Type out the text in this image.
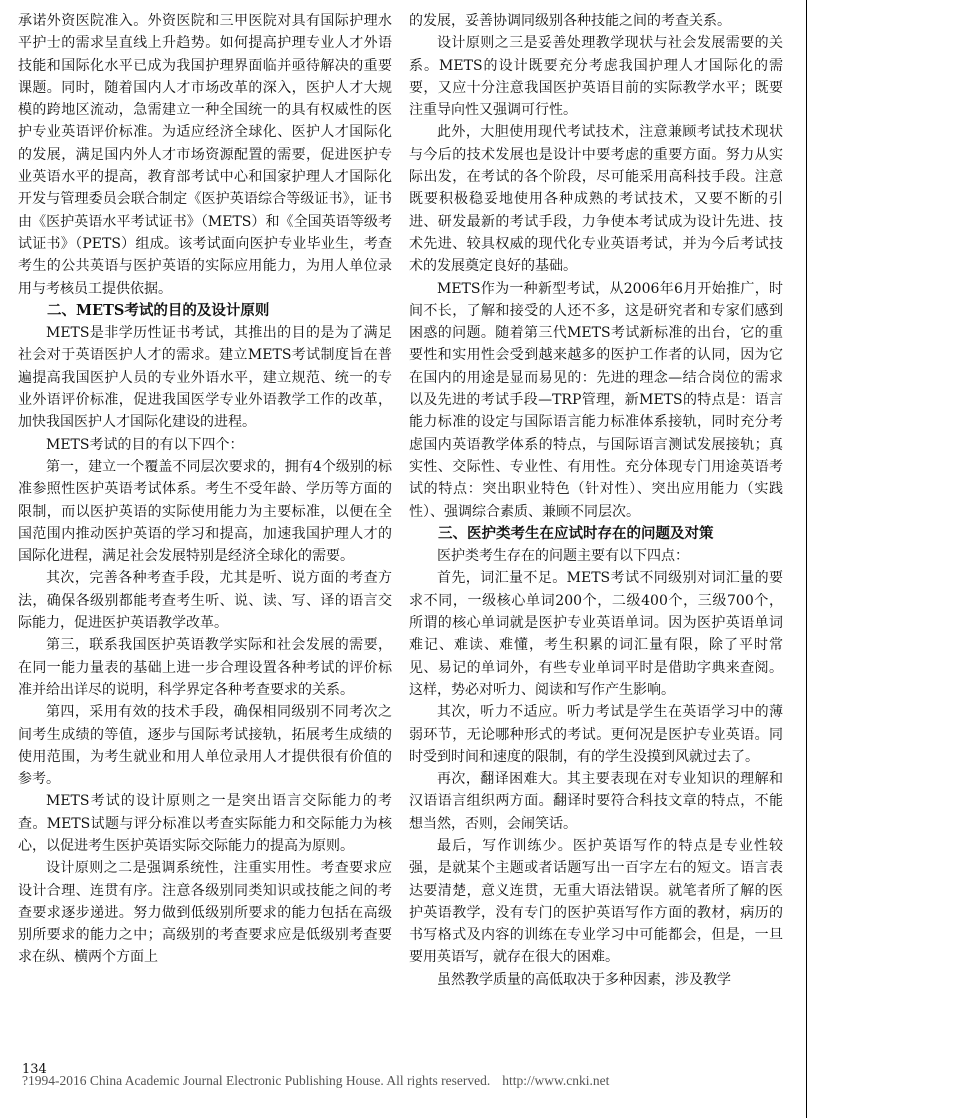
承诺外资医院准入。外资医院和三甲医院对具有国际护理水平护士的需求呈直线上升趋势。如何提高护理专业人才外语技能和国际化水平已成为我国护理界面临并亟待解决的重要课题。同时，随着国内人才市场改革的深入，医护人才大规模的跨地区流动，急需建立一种全国统一的具有权威性的医护专业英语评价标准。为适应经济全球化、医护人才国际化的发展，满足国内外人才市场资源配置的需要，促进医护专业英语水平的提高，教育部考试中心和国家护理人才国际化开发与管理委员会联合制定《医护英语综合等级证书》，证书由《医护英语水平考试证书》（METS）和《全国英语等级考试证书》（PETS）组成。该考试面向医护专业毕业生，考查考生的公共英语与医护英语的实际应用能力，为用人单位录用与考核员工提供依据。

二、METS考试的目的及设计原则

METS是非学历性证书考试，其推出的目的是为了满足社会对于英语医护人才的需求。建立METS考试制度旨在普遍提高我国医护人员的专业外语水平，建立规范、统一的专业外语评价标准，促进我国医学专业外语教学工作的改革，加快我国医护人才国际化建设的进程。

METS考试的目的有以下四个：

第一，建立一个覆盖不同层次要求的，拥有4个级别的标准参照性医护英语考试体系。考生不受年龄、学历等方面的限制，而以医护英语的实际使用能力为主要标准，以便在全国范围内推动医护英语的学习和提高，加速我国护理人才的国际化进程，满足社会发展特别是经济全球化的需要。

其次，完善各种考查手段，尤其是听、说方面的考查方法，确保各级别都能考查考生听、说、读、写、译的语言交际能力，促进医护英语教学改革。

第三，联系我国医护英语教学实际和社会发展的需要，在同一能力量表的基础上进一步合理设置各种考试的评价标准并给出详尽的说明，科学界定各种考查要求的关系。

第四，采用有效的技术手段，确保相同级别不同考次之间考生成绩的等值，逐步与国际考试接轨，拓展考生成绩的使用范围，为考生就业和用人单位录用人才提供很有价值的参考。

METS考试的设计原则之一是突出语言交际能力的考查。METS试题与评分标准以考查实际能力和交际能力为核心，以促进考生医护英语实际交际能力的提高为原则。

设计原则之二是强调系统性，注重实用性。考查要求应设计合理、连贯有序。注意各级别同类知识或技能之间的考查要求逐步递进。努力做到低级别所要求的能力包括在高级别所要求的能力之中；高级别的考查要求应是低级别考查要求在纵、横两个方面上

的发展，妥善协调同级别各种技能之间的考查关系。

设计原则之三是妥善处理教学现状与社会发展需要的关系。METS的设计既要充分考虑我国护理人才国际化的需要，又应十分注意我国医护英语目前的实际教学水平；既要注重导向性又强调可行性。

此外，大胆使用现代考试技术，注意兼顾考试技术现状与今后的技术发展也是设计中要考虑的重要方面。努力从实际出发，在考试的各个阶段，尽可能采用高科技手段。注意既要积极稳妥地使用各种成熟的考试技术，又要不断的引进、研发最新的考试手段，力争使本考试成为设计先进、技术先进、较具权威的现代化专业英语考试，并为今后考试技术的发展奠定良好的基础。

METS作为一种新型考试，从2006年6月开始推广，时间不长，了解和接受的人还不多，这是研究者和专家们感到困惑的问题。随着第三代METS考试新标准的出台，它的重要性和实用性会受到越来越多的医护工作者的认同，因为它在国内的用途是显而易见的：先进的理念—结合岗位的需求以及先进的考试手段—TRP管理，新METS的特点是：语言能力标准的设定与国际语言能力标准体系接轨，同时充分考虑国内英语教学体系的特点，与国际语言测试发展接轨；真实性、交际性、专业性、有用性。充分体现专门用途英语考试的特点：突出职业特色（针对性）、突出应用能力（实践性）、强调综合素质、兼顾不同层次。

三、医护类考生在应试时存在的问题及对策

医护类考生存在的问题主要有以下四点：

首先，词汇量不足。METS考试不同级别对词汇量的要求不同，一级核心单词200个，二级400个，三级700个，所谓的核心单词就是医护专业英语单词。因为医护英语单词难记、难读、难懂，考生积累的词汇量有限，除了平时常见、易记的单词外，有些专业单词平时是借助字典来查阅。这样，势必对听力、阅读和写作产生影响。

其次，听力不适应。听力考试是学生在英语学习中的薄弱环节，无论哪种形式的考试。更何况是医护专业英语。同时受到时间和速度的限制，有的学生没摸到风就过去了。

再次，翻译困难大。其主要表现在对专业知识的理解和汉语语言组织两方面。翻译时要符合科技文章的特点，不能想当然，否则，会闹笑话。

最后，写作训练少。医护英语写作的特点是专业性较强，是就某个主题或者话题写出一百字左右的短文。语言表达要清楚，意义连贯，无重大语法错误。就笔者所了解的医护英语教学，没有专门的医护英语写作方面的教材，病历的书写格式及内容的训练在专业学习中可能都会，但是，一旦要用英语写，就存在很大的困难。

虽然教学质量的高低取决于多种因素，涉及教学

134
?1994-2016 China Academic Journal Electronic Publishing House. All rights reserved. http://www.cnki.net
